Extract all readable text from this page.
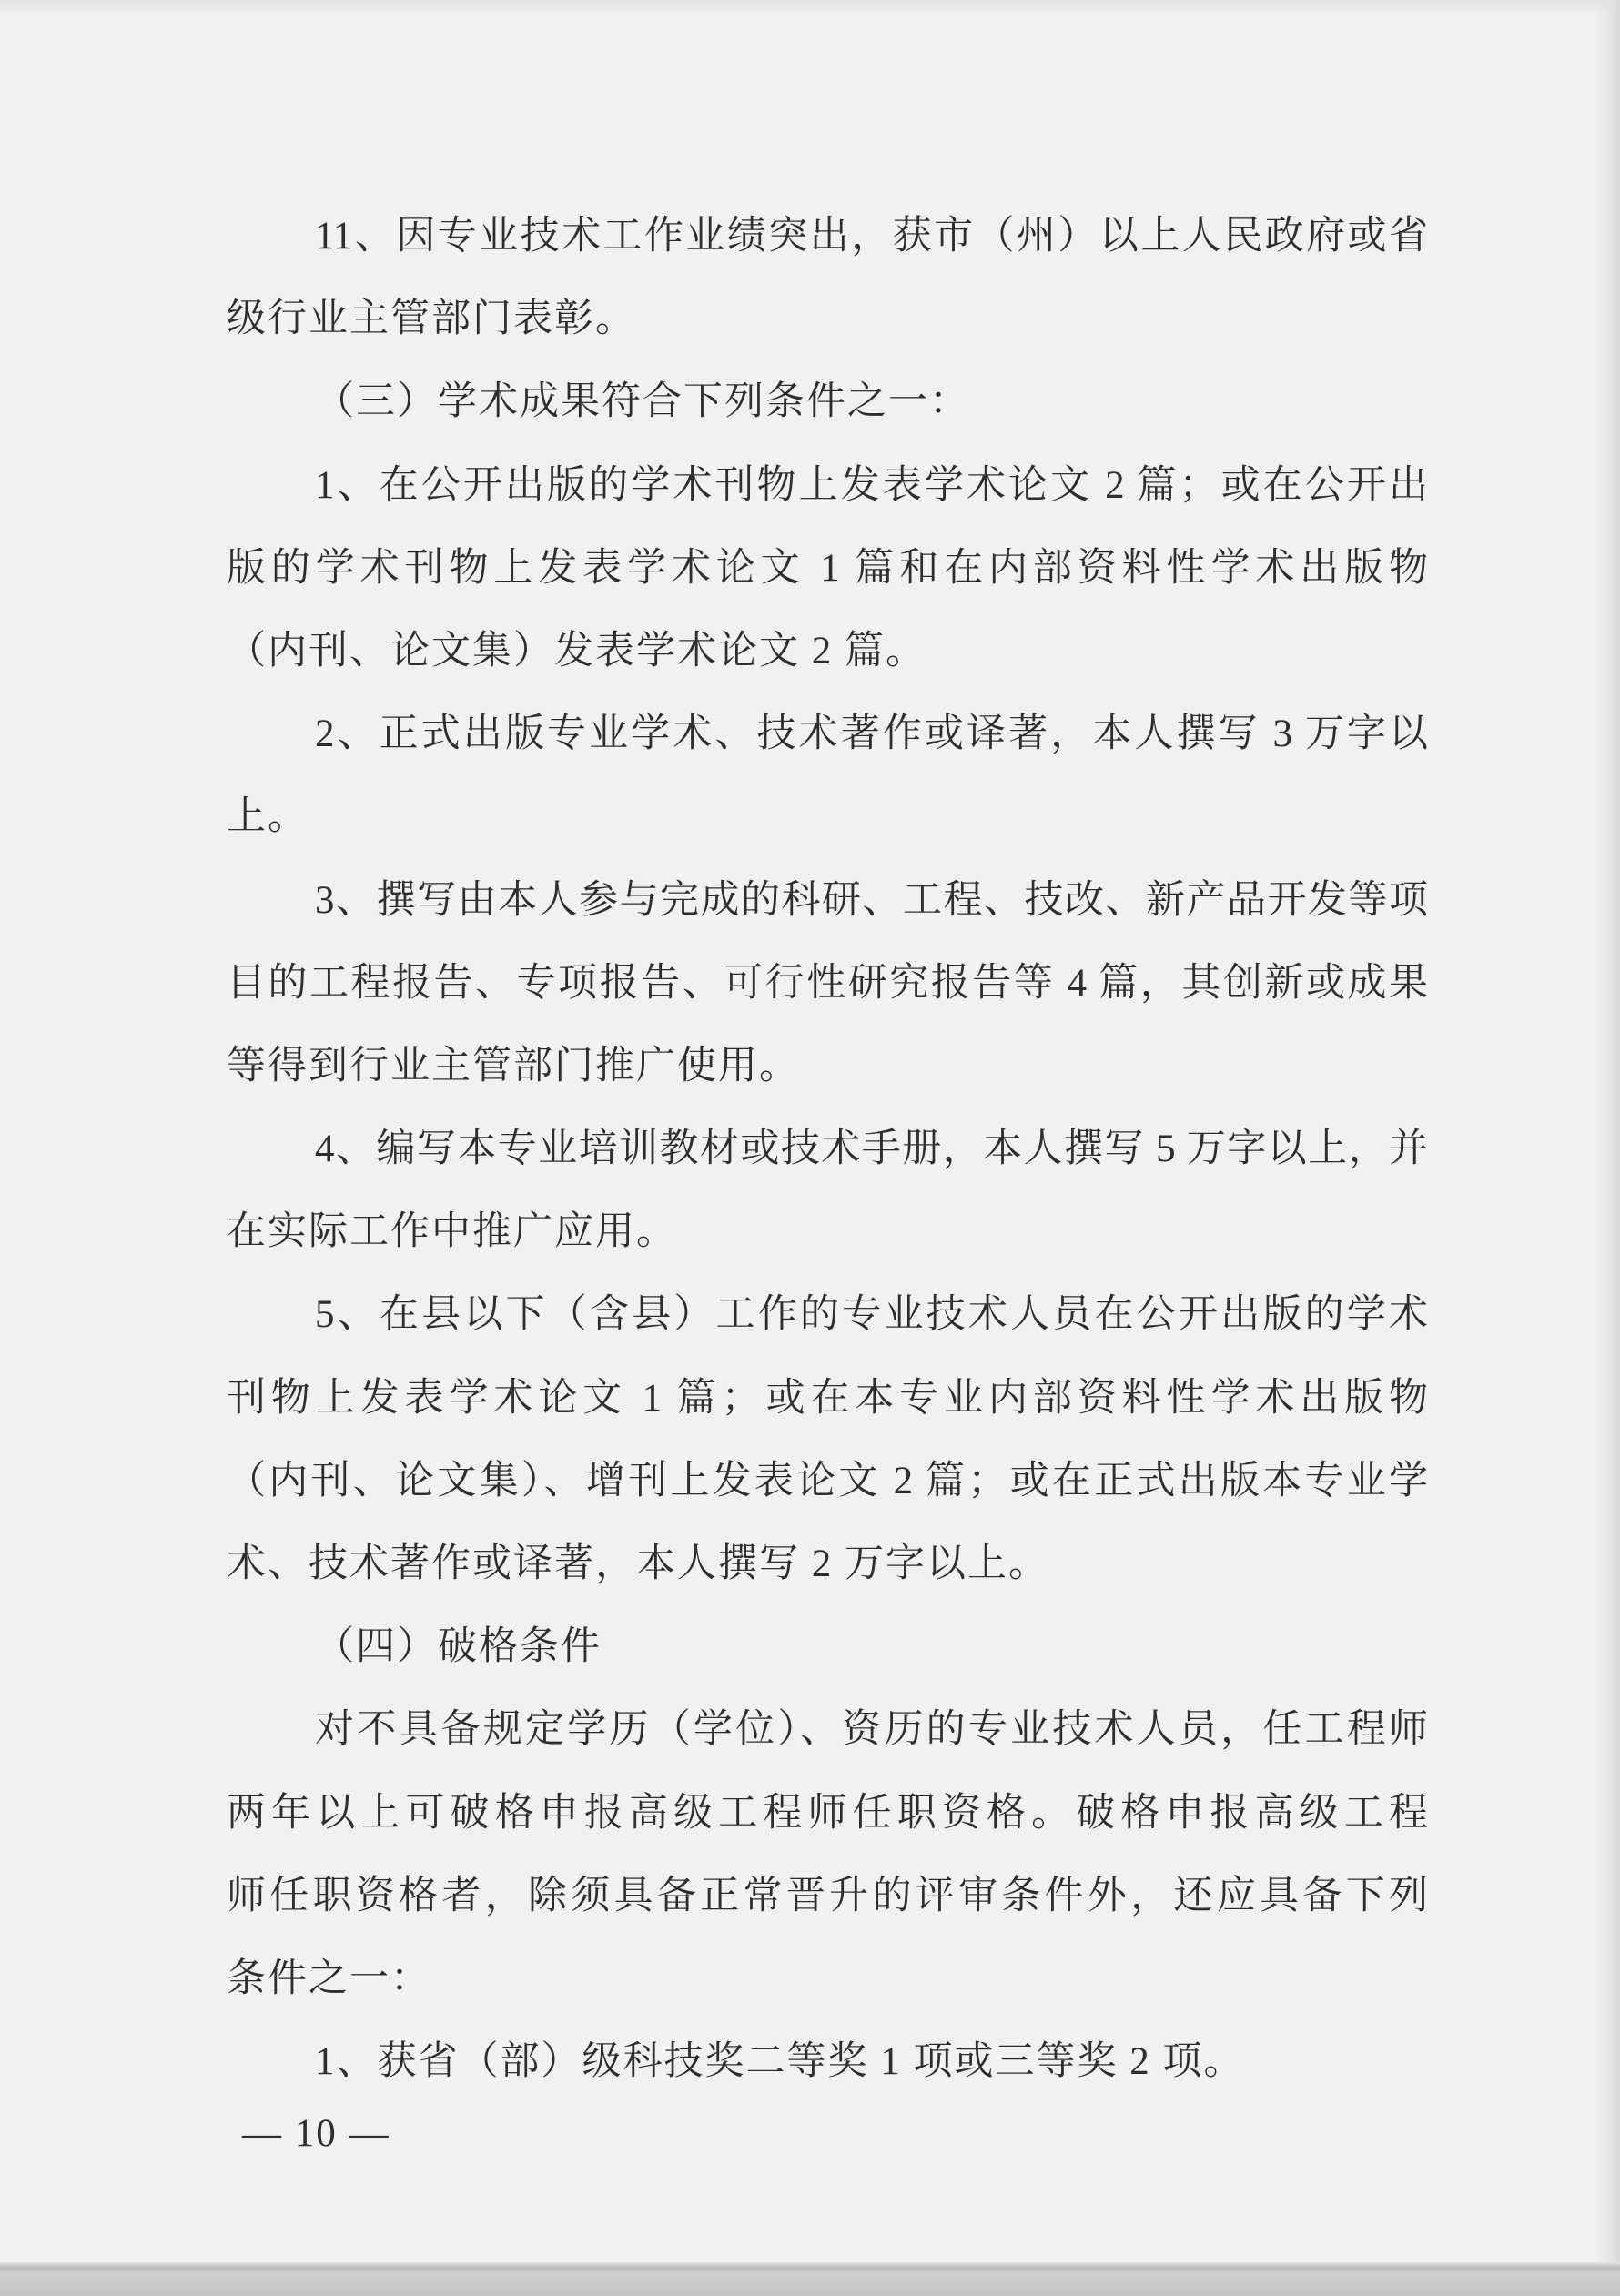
11、因专业技术工作业绩突出，获市（州）以上人民政府或省
级行业主管部门表彰。
（三）学术成果符合下列条件之一：
1、在公开出版的学术刊物上发表学术论文 2 篇；或在公开出
版的学术刊物上发表学术论文 1 篇和在内部资料性学术出版物
（内刊、论文集）发表学术论文 2 篇。
2、正式出版专业学术、技术著作或译著，本人撰写 3 万字以
上。
3、撰写由本人参与完成的科研、工程、技改、新产品开发等项
目的工程报告、专项报告、可行性研究报告等 4 篇，其创新或成果
等得到行业主管部门推广使用。
4、编写本专业培训教材或技术手册，本人撰写 5 万字以上，并
在实际工作中推广应用。
5、在县以下（含县）工作的专业技术人员在公开出版的学术
刊物上发表学术论文 1 篇；或在本专业内部资料性学术出版物
（内刊、论文集）、增刊上发表论文 2 篇；或在正式出版本专业学
术、技术著作或译著，本人撰写 2 万字以上。
（四）破格条件
对不具备规定学历（学位）、资历的专业技术人员，任工程师
两年以上可破格申报高级工程师任职资格。破格申报高级工程
师任职资格者，除须具备正常晋升的评审条件外，还应具备下列
条件之一：
1、获省（部）级科技奖二等奖 1 项或三等奖 2 项。
— 10 —
